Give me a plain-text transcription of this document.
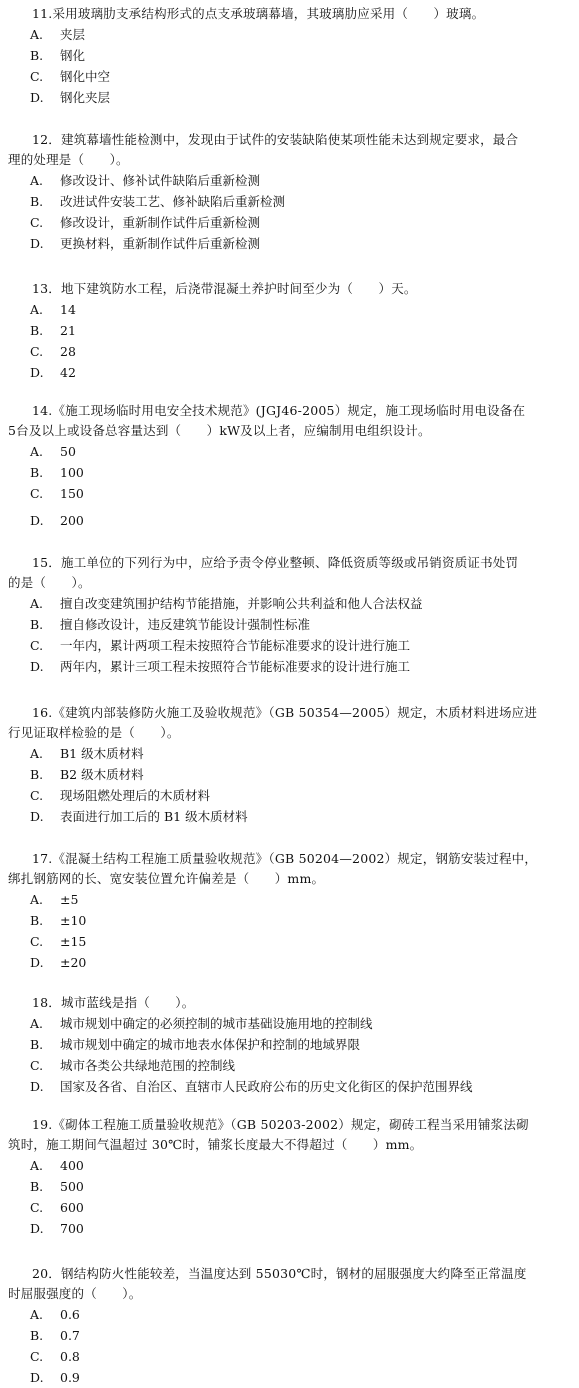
11.采用玻璃肋支承结构形式的点支承玻璃幕墙，其玻璃肋应采用（　　）玻璃。

A. 夹层
B. 钢化
C. 钢化中空
D. 钢化夹层

12．建筑幕墙性能检测中，发现由于试件的安装缺陷使某项性能未达到规定要求，最合

理的处理是（　　）。

A. 修改设计、修补试件缺陷后重新检测
B. 改进试件安装工艺、修补缺陷后重新检测
C. 修改设计，重新制作试件后重新检测
D. 更换材料，重新制作试件后重新检测

13．地下建筑防水工程，后浇带混凝土养护时间至少为（　　）天。

A. 14
B. 21
C. 28
D. 42

14.《施工现场临时用电安全技术规范》(JGJ46-2005）规定，施工现场临时用电设备在

5台及以上或设备总容量达到（　　）kW及以上者，应编制用电组织设计。

A. 50
B. 100
C. 150
D. 200

15．施工单位的下列行为中，应给予责令停业整顿、降低资质等级或吊销资质证书处罚

的是（　　）。

A. 擅自改变建筑围护结构节能措施，并影响公共利益和他人合法权益
B. 擅自修改设计，违反建筑节能设计强制性标准
C. 一年内，累计两项工程未按照符合节能标准要求的设计进行施工
D. 两年内，累计三项工程未按照符合节能标准要求的设计进行施工

16.《建筑内部装修防火施工及验收规范》（GB 50354—2005）规定，木质材料进场应进

行见证取样检验的是（　　）。

A. B1 级木质材料
B. B2 级木质材料
C. 现场阻燃处理后的木质材料
D. 表面进行加工后的 B1 级木质材料

17.《混凝土结构工程施工质量验收规范》（GB 50204—2002）规定，钢筋安装过程中，

绑扎钢筋网的长、宽安装位置允许偏差是（　　）mm。

A. ±5
B. ±10
C. ±15
D. ±20

18．城市蓝线是指（　　）。

A. 城市规划中确定的必须控制的城市基础设施用地的控制线
B. 城市规划中确定的城市地表水体保护和控制的地域界限
C. 城市各类公共绿地范围的控制线
D. 国家及各省、自治区、直辖市人民政府公布的历史文化街区的保护范围界线

19.《砌体工程施工质量验收规范》（GB 50203-2002）规定，砌砖工程当采用铺浆法砌

筑时，施工期间气温超过 30℃时，铺浆长度最大不得超过（　　）mm。

A. 400
B. 500
C. 600
D. 700

20．钢结构防火性能较差，当温度达到 55030℃时，钢材的屈服强度大约降至正常温度

时屈服强度的（　　）。

A. 0.6
B. 0.7
C. 0.8
D. 0.9
